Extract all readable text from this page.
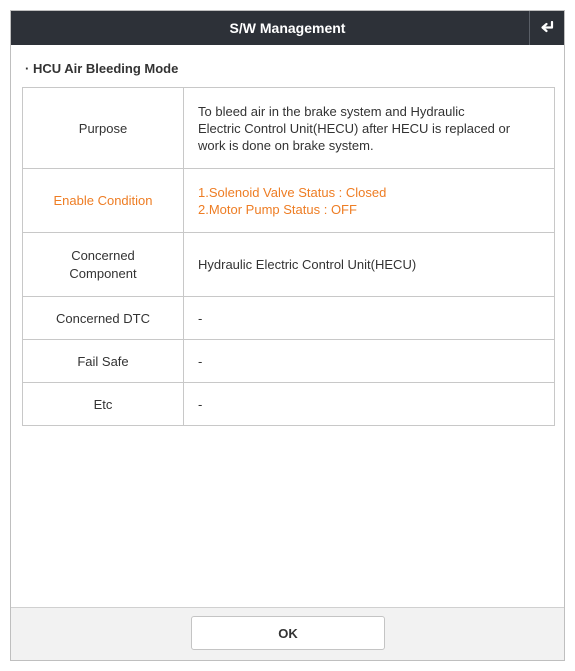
S/W Management
· HCU Air Bleeding Mode
Purpose	To bleed air in the brake system and Hydraulic
Electric Control Unit(HECU) after HECU is replaced or
work is done on brake system.

Enable Condition	1.Solenoid Valve Status : Closed
2.Motor Pump Status : OFF

Concerned
Component	Hydraulic Electric Control Unit(HECU)

Concerned DTC	-
Fail Safe	-
Etc	-
OK
